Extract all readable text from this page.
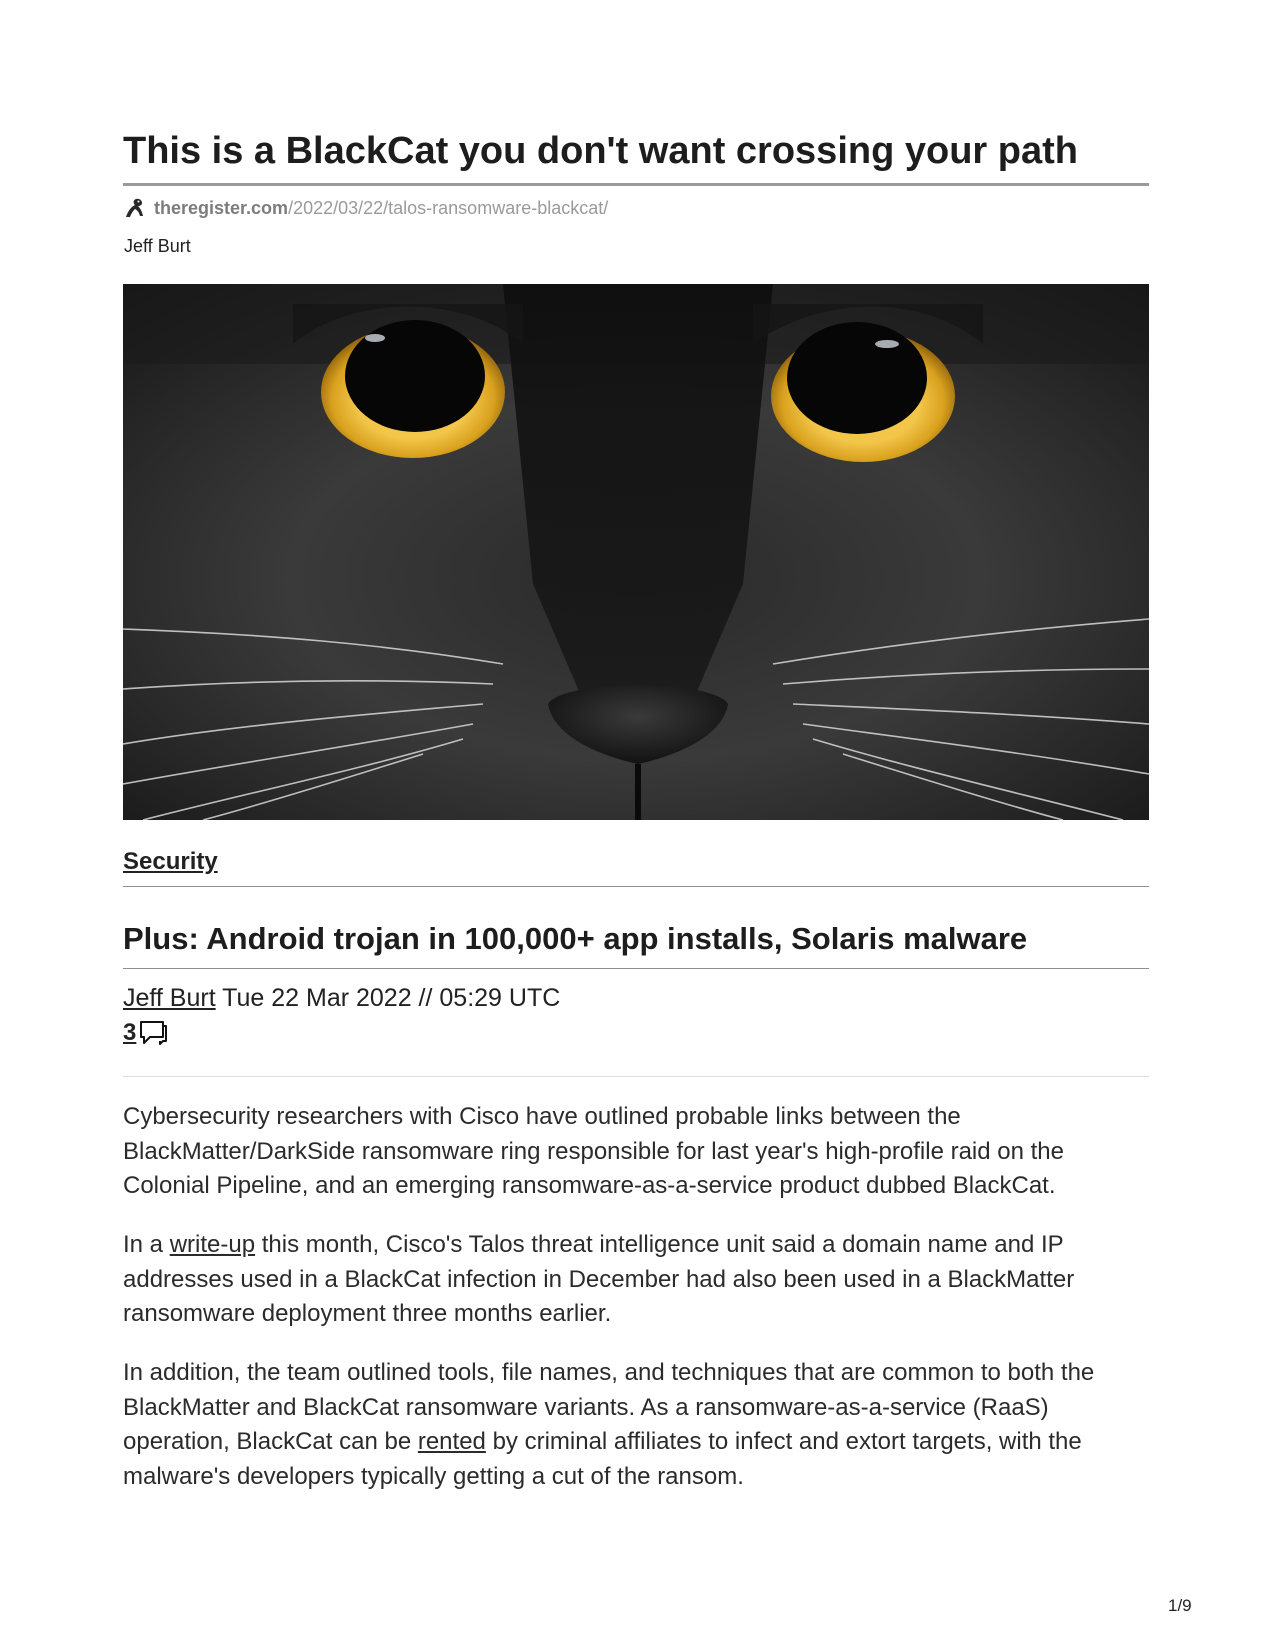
This is a BlackCat you don't want crossing your path
theregister.com /2022/03/22/talos-ransomware-blackcat/
Jeff Burt
Security
Plus: Android trojan in 100,000+ app installs, Solaris malware
Jeff Burt Tue 22 Mar 2022 // 05:29 UTC
3

Cybersecurity researchers with Cisco have outlined probable links between the BlackMatter/DarkSide ransomware ring responsible for last year's high-profile raid on the Colonial Pipeline, and an emerging ransomware-as-a-service product dubbed BlackCat.

In a write-up this month, Cisco's Talos threat intelligence unit said a domain name and IP addresses used in a BlackCat infection in December had also been used in a BlackMatter ransomware deployment three months earlier.

In addition, the team outlined tools, file names, and techniques that are common to both the BlackMatter and BlackCat ransomware variants. As a ransomware-as-a-service (RaaS) operation, BlackCat can be rented by criminal affiliates to infect and extort targets, with the malware's developers typically getting a cut of the ransom.

1/9
